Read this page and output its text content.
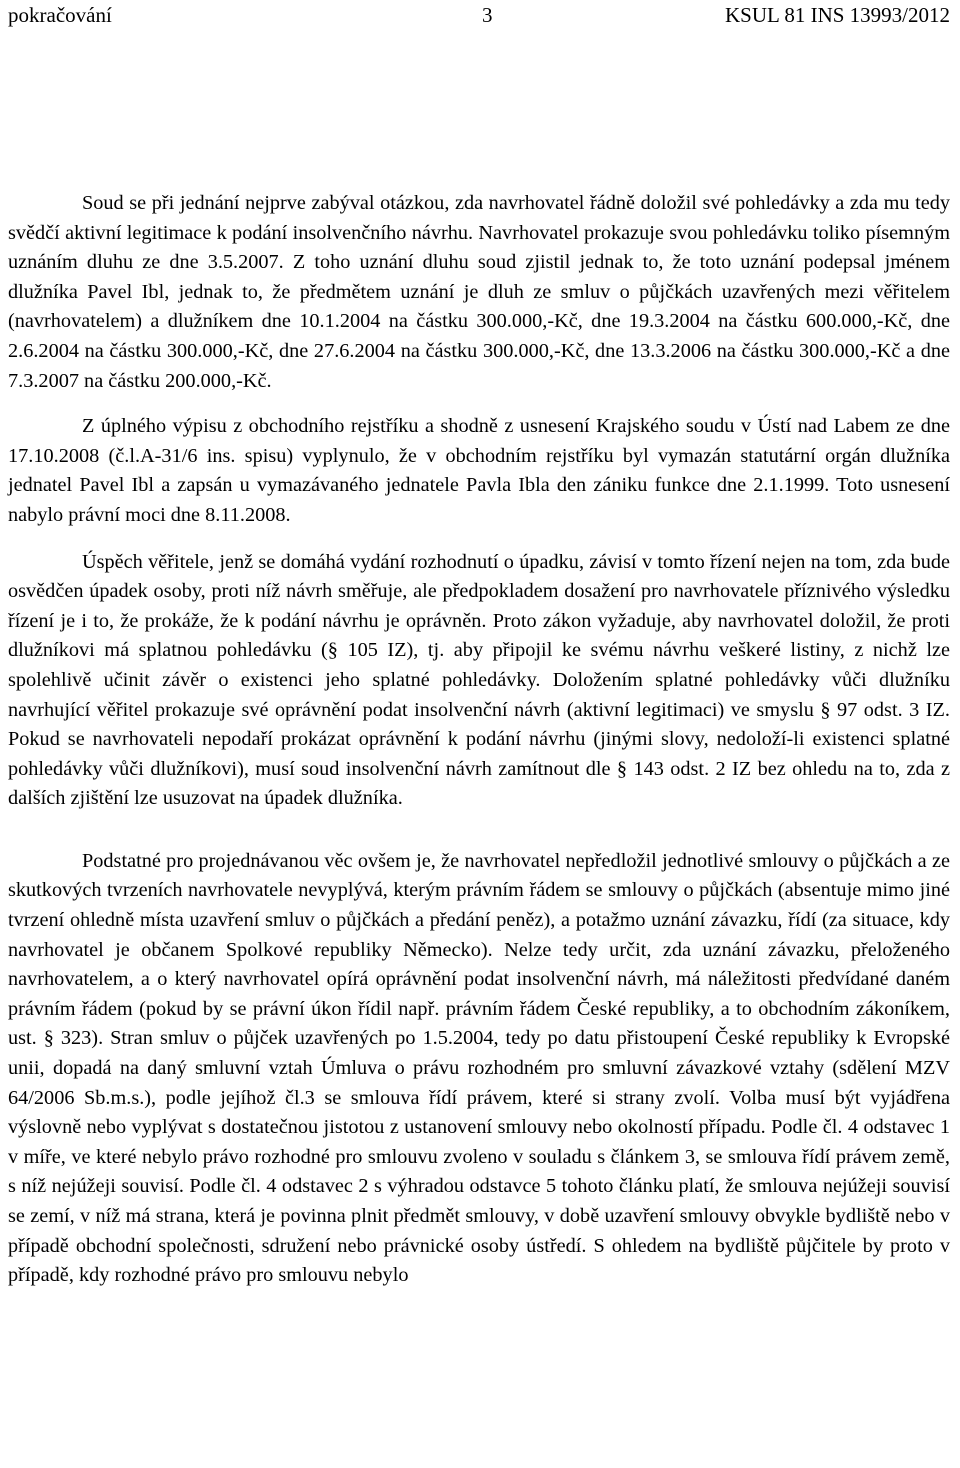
pokračování	3	KSUL 81 INS 13993/2012

Soud se při jednání nejprve zabýval otázkou, zda navrhovatel řádně doložil své pohledávky a zda mu tedy svědčí aktivní legitimace k podání insolvenčního návrhu. Navrhovatel prokazuje svou pohledávku toliko písemným uznáním dluhu ze dne 3.5.2007. Z toho uznání dluhu soud zjistil jednak to, že toto uznání podepsal jménem dlužníka Pavel Ibl, jednak to, že předmětem uznání je dluh ze smluv o půjčkách uzavřených mezi věřitelem (navrhovatelem) a dlužníkem dne 10.1.2004 na částku 300.000,-Kč, dne 19.3.2004 na částku 600.000,-Kč, dne 2.6.2004 na částku 300.000,-Kč, dne 27.6.2004 na částku 300.000,-Kč, dne 13.3.2006 na částku 300.000,-Kč a dne 7.3.2007 na částku 200.000,-Kč.

Z úplného výpisu z obchodního rejstříku a shodně z usnesení Krajského soudu v Ústí nad Labem ze dne 17.10.2008 (č.l.A-31/6 ins. spisu) vyplynulo, že v obchodním rejstříku byl vymazán statutární orgán dlužníka jednatel Pavel Ibl a zapsán u vymazávaného jednatele Pavla Ibla den zániku funkce dne 2.1.1999. Toto usnesení nabylo právní moci dne 8.11.2008.

Úspěch věřitele, jenž se domáhá vydání rozhodnutí o úpadku, závisí v tomto řízení nejen na tom, zda bude osvědčen úpadek osoby, proti níž návrh směřuje, ale předpokladem dosažení pro navrhovatele příznivého výsledku řízení je i to, že prokáže, že k podání návrhu je oprávněn. Proto zákon vyžaduje, aby navrhovatel doložil, že proti dlužníkovi má splatnou pohledávku (§ 105 IZ), tj. aby připojil ke svému návrhu veškeré listiny, z nichž lze spolehlivě učinit závěr o existenci jeho splatné pohledávky. Doložením splatné pohledávky vůči dlužníku navrhující věřitel prokazuje své oprávnění podat insolvenční návrh (aktivní legitimaci) ve smyslu § 97 odst. 3 IZ. Pokud se navrhovateli nepodaří prokázat oprávnění k podání návrhu (jinými slovy, nedoloží-li existenci splatné pohledávky vůči dlužníkovi), musí soud insolvenční návrh zamítnout dle § 143 odst. 2 IZ bez ohledu na to, zda z dalších zjištění lze usuzovat na úpadek dlužníka.

Podstatné pro projednávanou věc ovšem je, že navrhovatel nepředložil jednotlivé smlouvy o půjčkách a ze skutkových tvrzeních navrhovatele nevyplývá, kterým právním řádem se smlouvy o půjčkách (absentuje mimo jiné tvrzení ohledně místa uzavření smluv o půjčkách a předání peněz), a potažmo uznání závazku, řídí (za situace, kdy navrhovatel je občanem Spolkové republiky Německo). Nelze tedy určit, zda uznání závazku, přeloženého navrhovatelem, a o který navrhovatel opírá oprávnění podat insolvenční návrh, má náležitosti předvídané daném právním řádem (pokud by se právní úkon řídil např. právním řádem České republiky, a to obchodním zákoníkem, ust. § 323). Stran smluv o půjček uzavřených po 1.5.2004, tedy po datu přistoupení České republiky k Evropské unii, dopadá na daný smluvní vztah Úmluva o právu rozhodném pro smluvní závazkové vztahy (sdělení MZV 64/2006 Sb.m.s.), podle jejíhož čl.3 se smlouva řídí právem, které si strany zvolí. Volba musí být vyjádřena výslovně nebo vyplývat s dostatečnou jistotou z ustanovení smlouvy nebo okolností případu. Podle čl. 4 odstavec 1 v míře, ve které nebylo právo rozhodné pro smlouvu zvoleno v souladu s článkem 3, se smlouva řídí právem země, s níž nejúžeji souvisí. Podle čl. 4 odstavec 2 s výhradou odstavce 5 tohoto článku platí, že smlouva nejúžeji souvisí se zemí, v níž má strana, která je povinna plnit předmět smlouvy, v době uzavření smlouvy obvykle bydliště nebo v případě obchodní společnosti, sdružení nebo právnické osoby ústředí. S ohledem na bydliště půjčitele by proto v případě, kdy rozhodné právo pro smlouvu nebylo
